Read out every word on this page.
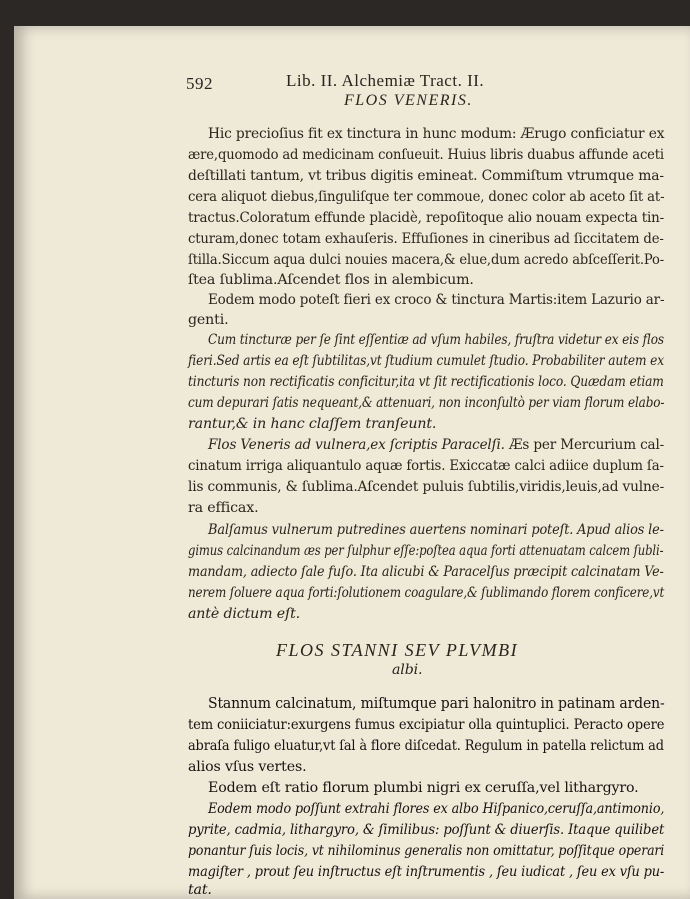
592	Lib. II. Alchemiæ Tract. II.
FLOS VENERIS.
Hic precioſius fit ex tinctura in hunc modum: Ærugo conficiatur ex
ære,quomodo ad medicinam conſueuit. Huius libris duabus affunde aceti
deſtillati tantum, vt tribus digitis emineat. Commiſtum vtrumque ma-
cera aliquot diebus,ſinguliſque ter commoue, donec color ab aceto ſit at-
tractus.Coloratum effunde placidè, repoſitoque alio nouam expecta tin-
cturam,donec totam exhauſeris. Effuſiones in cineribus ad ſiccitatem de-
ſtilla.Siccum aqua dulci nouies macera,& elue,dum acredo abſceſſerit.Po-
ſtea ſublima.Aſcendet flos in alembicum.
Eodem modo poteſt fieri ex croco & tinctura Martis:item Lazurio ar-
genti.
Cum tincturæ per ſe ſint eſſentiæ ad vſum habiles, fruſtra videtur ex eis flos
fieri.Sed artis ea eſt ſubtilitas,vt ſtudium cumulet ſtudio. Probabiliter autem ex
tincturis non rectificatis conficitur,ita vt ſit rectificationis loco. Quædam etiam
cum depurari ſatis nequeant,& attenuari, non inconſultò per viam florum elabo-
rantur,& in hanc claſſem tranſeunt.
Flos Veneris ad vulnera,ex ſcriptis Paracelſi. Æs per Mercurium cal-
cinatum irriga aliquantulo aquæ fortis. Exiccatæ calci adiice duplum ſa-
lis communis, & ſublima.Aſcendet puluis ſubtilis,viridis,leuis,ad vulne-
ra efficax.
Balſamus vulnerum putredines auertens nominari poteſt. Apud alios le-
gimus calcinandum æs per ſulphur eſſe:poſtea aqua forti attenuatam calcem ſubli-
mandam, adiecto ſale fuſo. Ita alicubi & Paracelſus præcipit calcinatam Ve-
nerem ſoluere aqua forti:ſolutionem coagulare,& ſublimando florem conficere,vt
antè dictum eſt.
FLOS STANNI SEV PLVMBI
albi.
Stannum calcinatum, miſtumque pari halonitro in patinam arden-
tem coniiciatur:exurgens fumus excipiatur olla quintuplici. Peracto opere
abraſa fuligo eluatur,vt ſal à flore diſcedat. Regulum in patella relictum ad
alios vſus vertes.
Eodem eſt ratio florum plumbi nigri ex ceruſſa,vel lithargyro.
Eodem modo poſſunt extrahi flores ex albo Hiſpanico,ceruſſa,antimonio,
pyrite, cadmia, lithargyro, & ſimilibus: poſſunt & diuerſis. Itaque quilibet
ponantur ſuis locis, vt nihilominus generalis non omittatur, poſſitque operari
magiſter , prout ſeu inſtructus eſt inſtrumentis , ſeu iudicat , ſeu ex vſu pu-
tat.
